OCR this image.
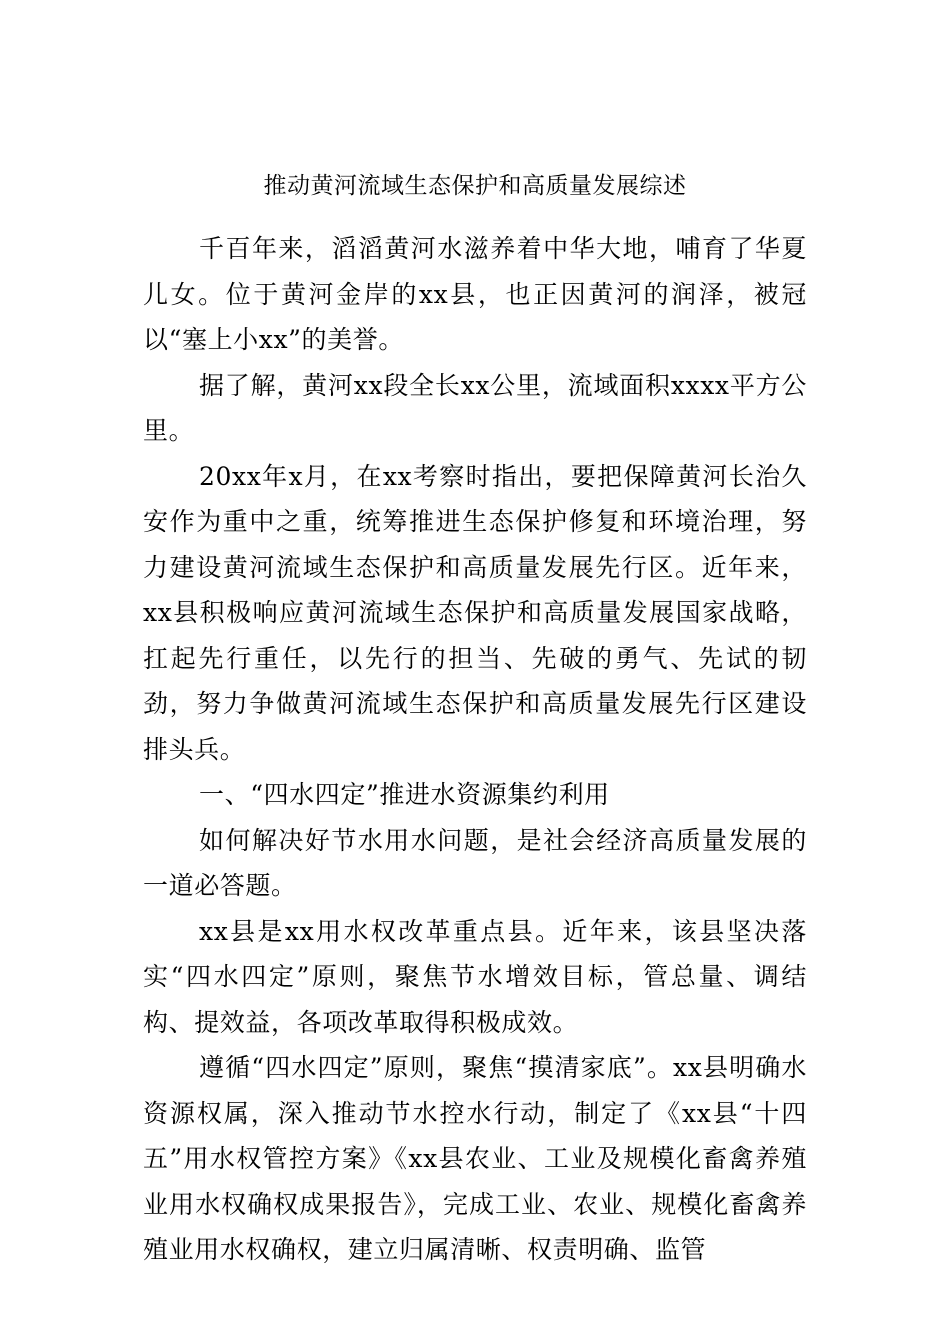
推动黄河流域生态保护和高质量发展综述

千百年来，滔滔黄河水滋养着中华大地，哺育了华夏儿女。位于黄河金岸的xx县，也正因黄河的润泽，被冠以“塞上小xx”的美誉。

据了解，黄河xx段全长xx公里，流域面积xxxx平方公里。

20xx年x月，在xx考察时指出，要把保障黄河长治久安作为重中之重，统筹推进生态保护修复和环境治理，努力建设黄河流域生态保护和高质量发展先行区。近年来，xx县积极响应黄河流域生态保护和高质量发展国家战略，扛起先行重任，以先行的担当、先破的勇气、先试的韧劲，努力争做黄河流域生态保护和高质量发展先行区建设排头兵。

一、“四水四定”推进水资源集约利用

如何解决好节水用水问题，是社会经济高质量发展的一道必答题。

xx县是xx用水权改革重点县。近年来，该县坚决落实“四水四定”原则，聚焦节水增效目标，管总量、调结构、提效益，各项改革取得积极成效。

遵循“四水四定”原则，聚焦“摸清家底”。xx县明确水资源权属，深入推动节水控水行动，制定了《xx县“十四五”用水权管控方案》《xx县农业、工业及规模化畜禽养殖业用水权确权成果报告》，完成工业、农业、规模化畜禽养殖业用水权确权，建立归属清晰、权责明确、监管
